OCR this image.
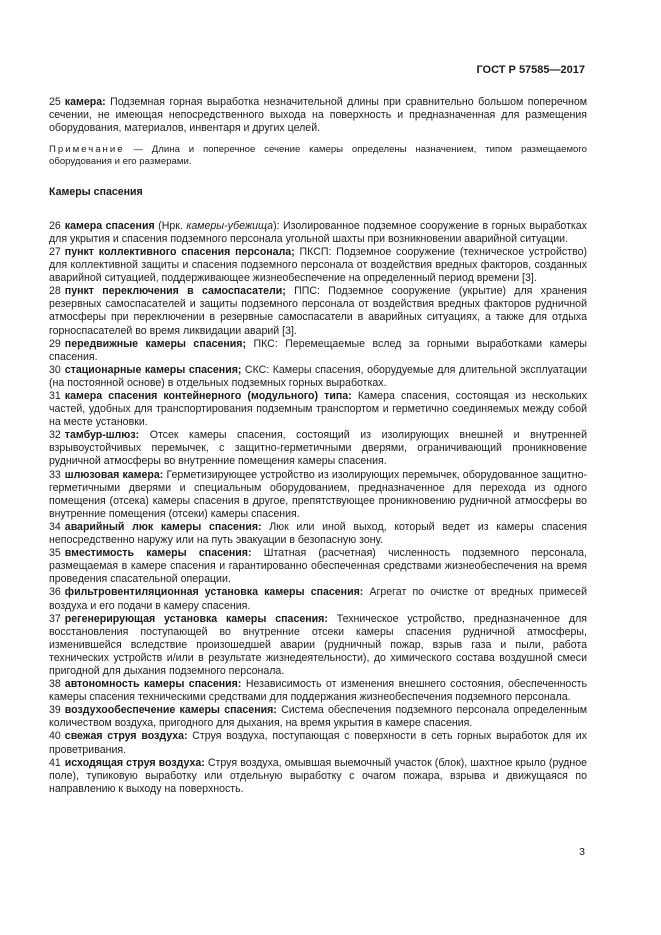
ГОСТ Р 57585—2017

25 камера: Подземная горная выработка незначительной длины при сравнительно большом поперечном сечении, не имеющая непосредственного выхода на поверхность и предназначенная для размещения оборудования, материалов, инвентаря и других целей.

Примечание — Длина и поперечное сечение камеры определены назначением, типом размещаемого оборудования и его размерами.

Камеры спасения

26 камера спасения (Нрк. камеры-убежища): Изолированное подземное сооружение в горных выработках для укрытия и спасения подземного персонала угольной шахты при возникновении аварийной ситуации.

27 пункт коллективного спасения персонала; ПКСП: Подземное сооружение (техническое устройство) для коллективной защиты и спасения подземного персонала от воздействия вредных факторов, созданных аварийной ситуацией, поддерживающее жизнеобеспечение на определенный период времени [3].

28 пункт переключения в самоспасатели; ППС: Подземное сооружение (укрытие) для хранения резервных самоспасателей и защиты подземного персонала от воздействия вредных факторов рудничной атмосферы при переключении в резервные самоспасатели в аварийных ситуациях, а также для отдыха горноспасателей во время ликвидации аварий [3].

29 передвижные камеры спасения; ПКС: Перемещаемые вслед за горными выработками камеры спасения.

30 стационарные камеры спасения; СКС: Камеры спасения, оборудуемые для длительной эксплуатации (на постоянной основе) в отдельных подземных горных выработках.

31 камера спасения контейнерного (модульного) типа: Камера спасения, состоящая из нескольких частей, удобных для транспортирования подземным транспортом и герметично соединяемых между собой на месте установки.

32 тамбур-шлюз: Отсек камеры спасения, состоящий из изолирующих внешней и внутренней взрывоустойчивых перемычек, с защитно-герметичными дверями, ограничивающий проникновение рудничной атмосферы во внутренние помещения камеры спасения.

33 шлюзовая камера: Герметизирующее устройство из изолирующих перемычек, оборудованное защитно-герметичными дверями и специальным оборудованием, предназначенное для перехода из одного помещения (отсека) камеры спасения в другое, препятствующее проникновению рудничной атмосферы во внутренние помещения (отсеки) камеры спасения.

34 аварийный люк камеры спасения: Люк или иной выход, который ведет из камеры спасения непосредственно наружу или на путь эвакуации в безопасную зону.

35 вместимость камеры спасения: Штатная (расчетная) численность подземного персонала, размещаемая в камере спасения и гарантированно обеспеченная средствами жизнеобеспечения на время проведения спасательной операции.

36 фильтровентиляционная установка камеры спасения: Агрегат по очистке от вредных примесей воздуха и его подачи в камеру спасения.

37 регенерирующая установка камеры спасения: Техническое устройство, предназначенное для восстановления поступающей во внутренние отсеки камеры спасения рудничной атмосферы, изменившейся вследствие произошедшей аварии (рудничный пожар, взрыв газа и пыли, работа технических устройств и/или в результате жизнедеятельности), до химического состава воздушной смеси пригодной для дыхания подземного персонала.

38 автономность камеры спасения: Независимость от изменения внешнего состояния, обеспеченность камеры спасения техническими средствами для поддержания жизнеобеспечения подземного персонала.

39 воздухообеспечение камеры спасения: Система обеспечения подземного персонала определенным количеством воздуха, пригодного для дыхания, на время укрытия в камере спасения.

40 свежая струя воздуха: Струя воздуха, поступающая с поверхности в сеть горных выработок для их проветривания.

41 исходящая струя воздуха: Струя воздуха, омывшая выемочный участок (блок), шахтное крыло (рудное поле), тупиковую выработку или отдельную выработку с очагом пожара, взрыва и движущаяся по направлению к выходу на поверхность.

3
